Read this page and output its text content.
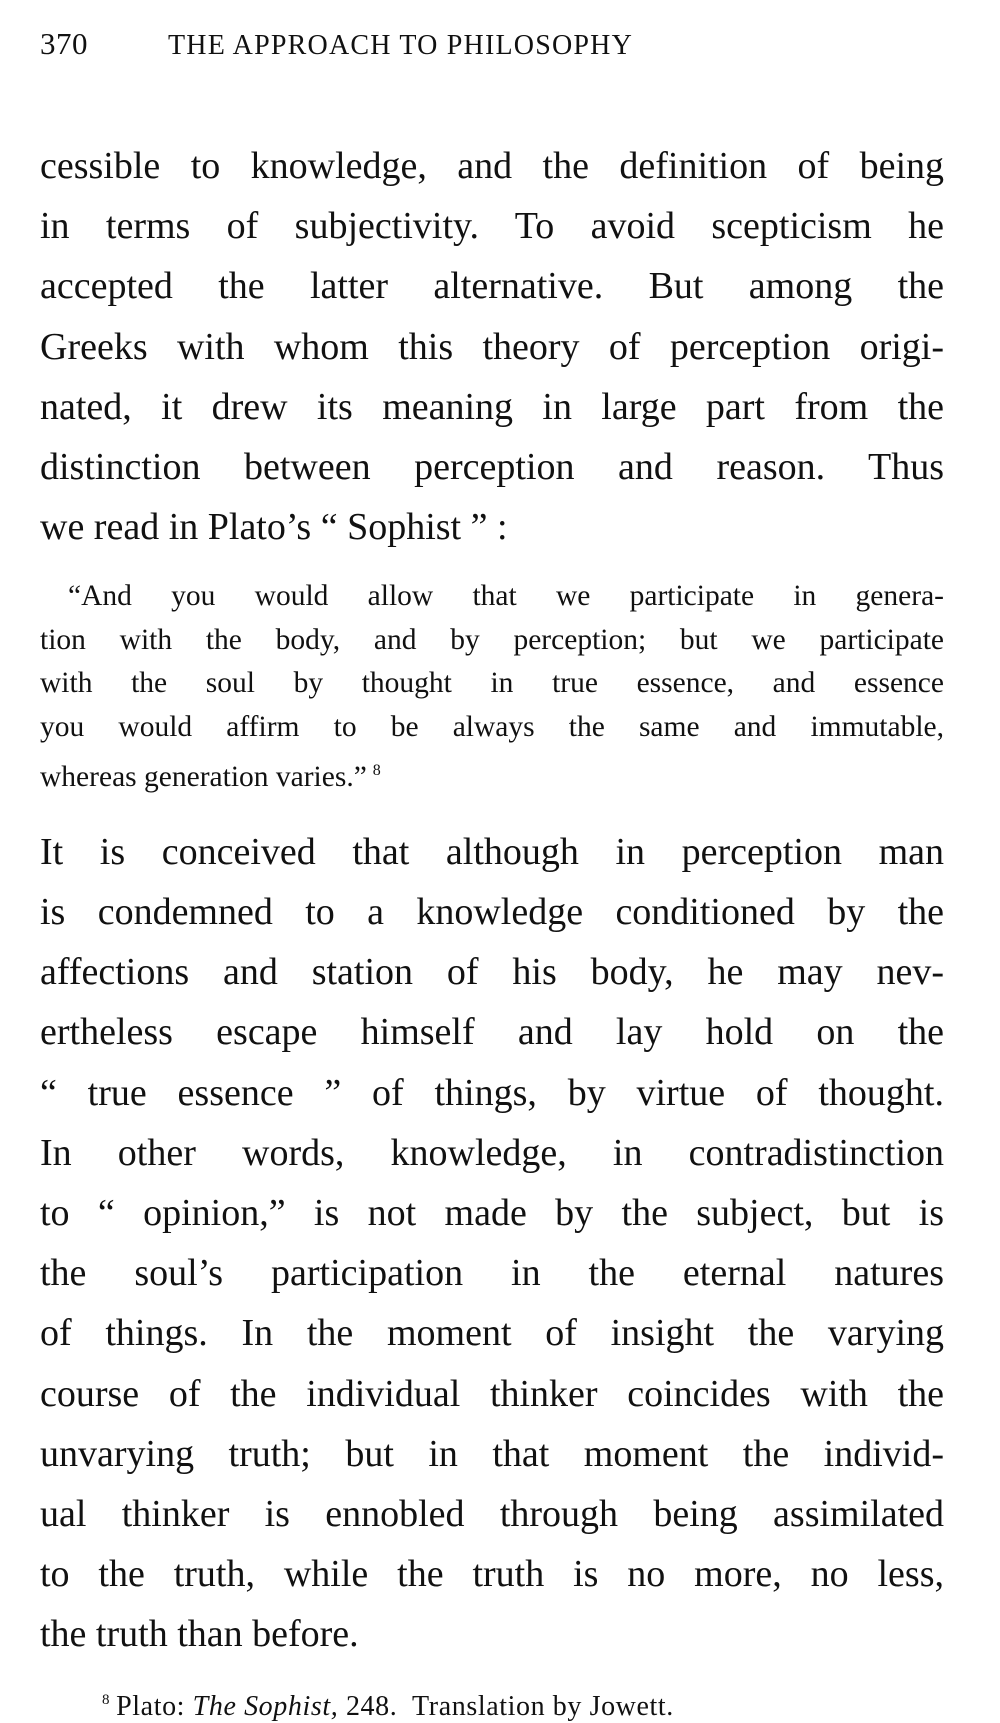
370	THE APPROACH TO PHILOSOPHY

cessible to knowledge, and the definition of being
in terms of subjectivity. To avoid scepticism he
accepted the latter alternative. But among the
Greeks with whom this theory of perception origi-
nated, it drew its meaning in large part from the
distinction between perception and reason. Thus
we read in Plato’s “ Sophist ” :

“And you would allow that we participate in genera-
tion with the body, and by perception; but we participate
with the soul by thought in true essence, and essence
you would affirm to be always the same and immutable,
whereas generation varies.” $^8$

It is conceived that although in perception man
is condemned to a knowledge conditioned by the
affections and station of his body, he may nev-
ertheless escape himself and lay hold on the
“ true essence ” of things, by virtue of thought.
In other words, knowledge, in contradistinction
to “ opinion,” is not made by the subject, but is
the soul’s participation in the eternal natures
of things. In the moment of insight the varying
course of the individual thinker coincides with the
unvarying truth; but in that moment the individ-
ual thinker is ennobled through being assimilated
to the truth, while the truth is no more, no less,
the truth than before.

$^8$ Plato: The Sophist, 248. Translation by Jowett.
